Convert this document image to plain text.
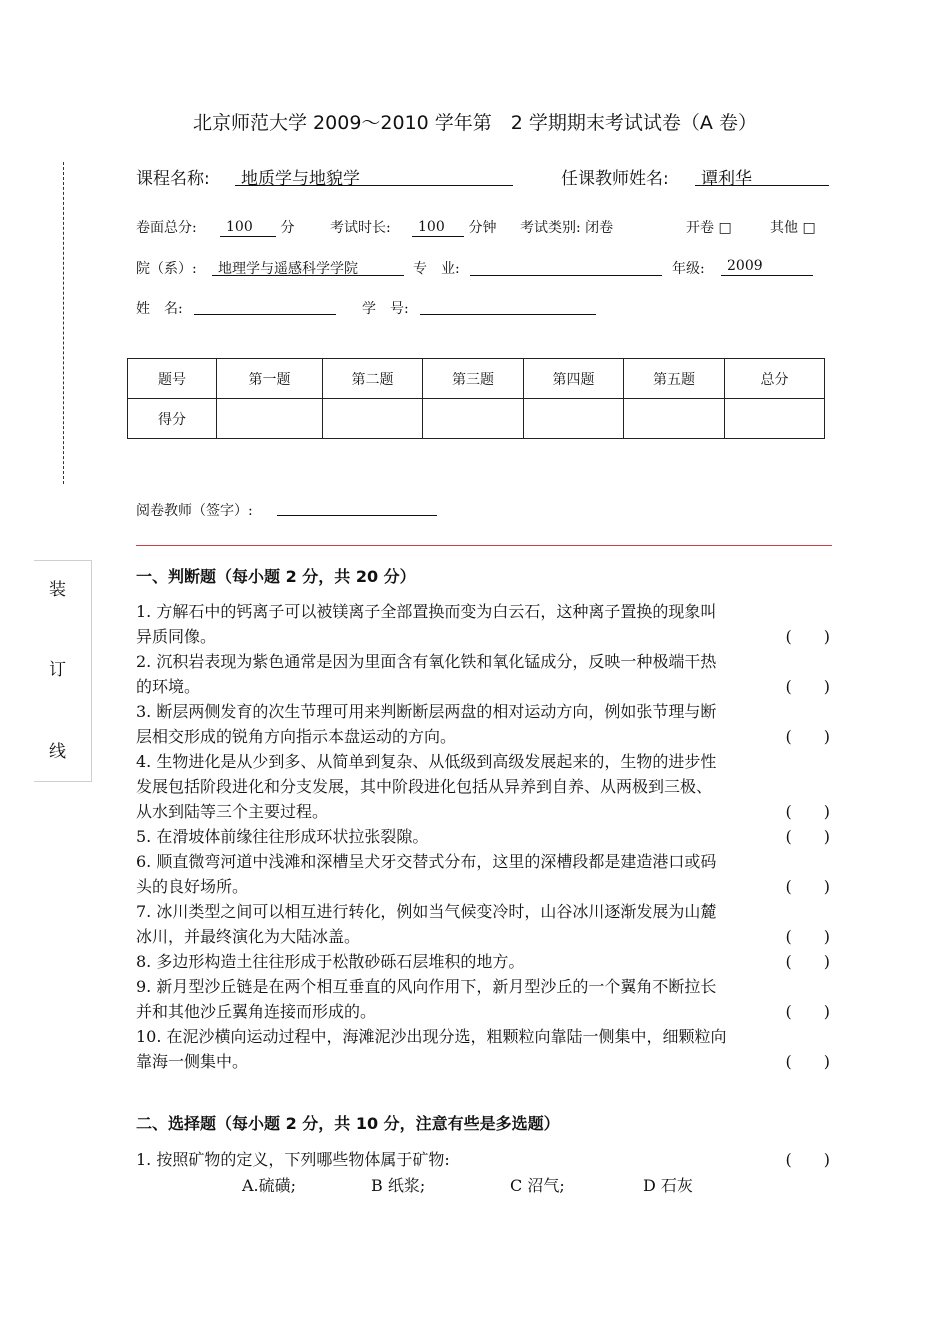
北京师范大学 2009～2010 学年第　2 学期期末考试试卷（A 卷）
装
订
线
课程名称:	地质学与地貌学	任课教师姓名:	谭利华
卷面总分:	100 分	考试时长:	100 分钟 考试类别: 闭卷	开卷 □	其他 □
院（系）:	地理学与遥感科学学院	专　业:	年级:	2009
姓　名:	学　号:
题号	第一题	第二题	第三题	第四题	第五题	总分
得分						
阅卷教师（签字）:
一、判断题（每小题 2 分，共 20 分）
1. 方解石中的钙离子可以被镁离子全部置换而变为白云石，这种离子置换的现象叫
异质同像。	(　　)
2. 沉积岩表现为紫色通常是因为里面含有氧化铁和氧化锰成分，反映一种极端干热
的环境。	(　　)
3. 断层两侧发育的次生节理可用来判断断层两盘的相对运动方向，例如张节理与断
层相交形成的锐角方向指示本盘运动的方向。	(　　)
4. 生物进化是从少到多、从简单到复杂、从低级到高级发展起来的，生物的进步性
发展包括阶段进化和分支发展，其中阶段进化包括从异养到自养、从两极到三极、
从水到陆等三个主要过程。	(　　)
5. 在滑坡体前缘往往形成环状拉张裂隙。	(　　)
6. 顺直微弯河道中浅滩和深槽呈犬牙交替式分布，这里的深槽段都是建造港口或码
头的良好场所。	(　　)
7. 冰川类型之间可以相互进行转化，例如当气候变冷时，山谷冰川逐渐发展为山麓
冰川，并最终演化为大陆冰盖。	(　　)
8. 多边形构造土往往形成于松散砂砾石层堆积的地方。	(　　)
9. 新月型沙丘链是在两个相互垂直的风向作用下，新月型沙丘的一个翼角不断拉长
并和其他沙丘翼角连接而形成的。	(　　)
10. 在泥沙横向运动过程中，海滩泥沙出现分选，粗颗粒向靠陆一侧集中，细颗粒向
靠海一侧集中。	(　　)
二、选择题（每小题 2 分，共 10 分，注意有些是多选题）
1. 按照矿物的定义，下列哪些物体属于矿物:	(　　)
A.硫磺;	B 纸浆;	C 沼气;	D 石灰
